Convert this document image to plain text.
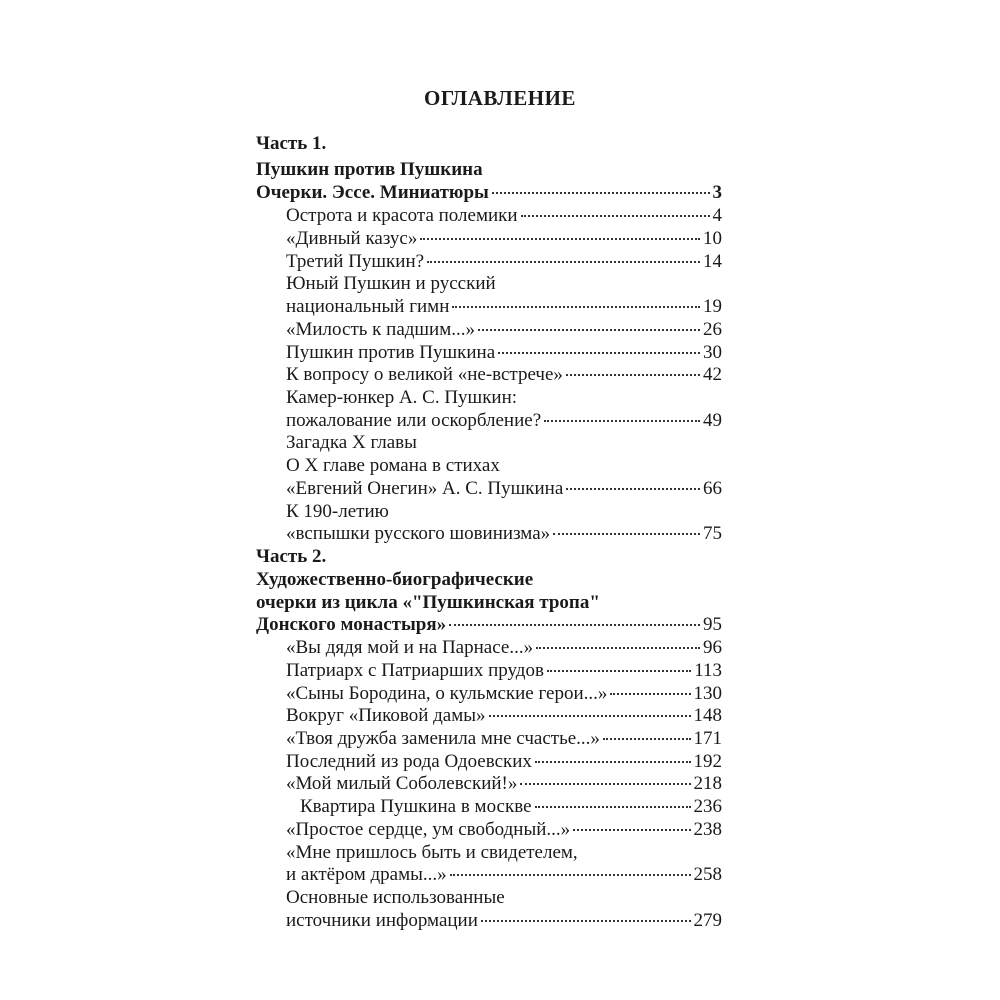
ОГЛАВЛЕНИЕ
Часть 1.
Пушкин против Пушкина
Очерки. Эссе. Миниатюры	3
Острота и красота полемики	4
«Дивный казус»	10
Третий Пушкин?	14
Юный Пушкин и русский
национальный гимн	19
«Милость к падшим...»	26
Пушкин против Пушкина	30
К вопросу о великой «не-встрече»	42
Камер-юнкер А. С. Пушкин:
пожалование или оскорбление?	49
Загадка X главы
О X главе романа в стихах
«Евгений Онегин» А. С. Пушкина	66
К 190-летию
«вспышки русского шовинизма»	75
Часть 2.
Художественно-биографические
очерки из цикла «"Пушкинская тропа"
Донского монастыря»	95
«Вы дядя мой и на Парнасе...»	96
Патриарх с Патриарших прудов	113
«Сыны Бородина, о кульмские герои...»	130
Вокруг «Пиковой дамы»	148
«Твоя дружба заменила мне счастье...»	171
Последний из рода Одоевских	192
«Мой милый Соболевский!»	218
Квартира Пушкина в москве	236
«Простое сердце, ум свободный...»	238
«Мне пришлось быть и свидетелем,
и актёром драмы...»	258
Основные использованные
источники информации	279
